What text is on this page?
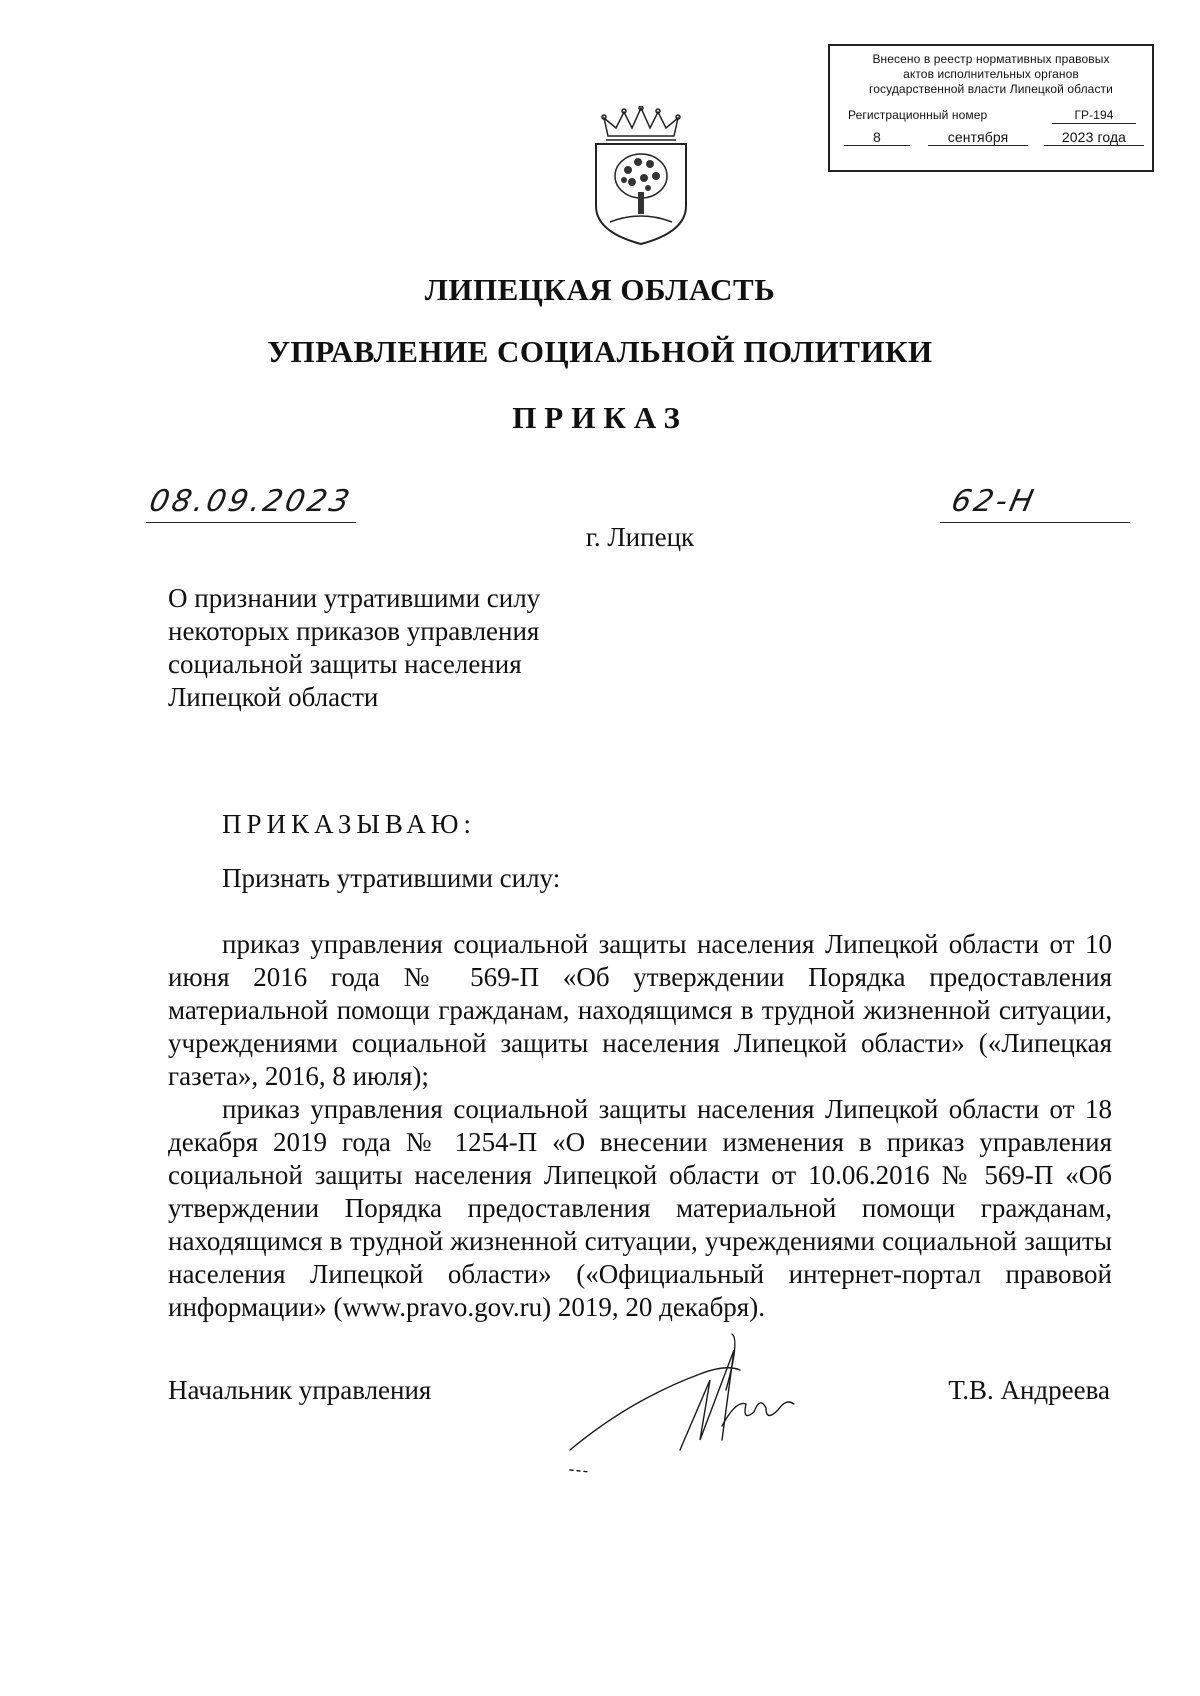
Внесено в реестр нормативных правовых
актов исполнительных органов
государственной власти Липецкой области
Регистрационный номер	ГР-194
8	сентября	2023 года
ЛИПЕЦКАЯ ОБЛАСТЬ
УПРАВЛЕНИЕ СОЦИАЛЬНОЙ ПОЛИТИКИ
ПРИКАЗ
08.09.2023	62-Н
г. Липецк
О признании утратившими силу
некоторых приказов управления
социальной защиты населения
Липецкой области
ПРИКАЗЫВАЮ:
Признать утратившими силу:
приказ управления социальной защиты населения Липецкой области от 10 июня 2016 года № 569-П «Об утверждении Порядка предоставления материальной помощи гражданам, находящимся в трудной жизненной ситуации, учреждениями социальной защиты населения Липецкой области» («Липецкая газета», 2016, 8 июля);
приказ управления социальной защиты населения Липецкой области от 18 декабря 2019 года № 1254-П «О внесении изменения в приказ управления социальной защиты населения Липецкой области от 10.06.2016 № 569-П «Об утверждении Порядка предоставления материальной помощи гражданам, находящимся в трудной жизненной ситуации, учреждениями социальной защиты населения Липецкой области» («Официальный интернет-портал правовой информации» (www.pravo.gov.ru) 2019, 20 декабря).
Начальник управления	Т.В. Андреева
